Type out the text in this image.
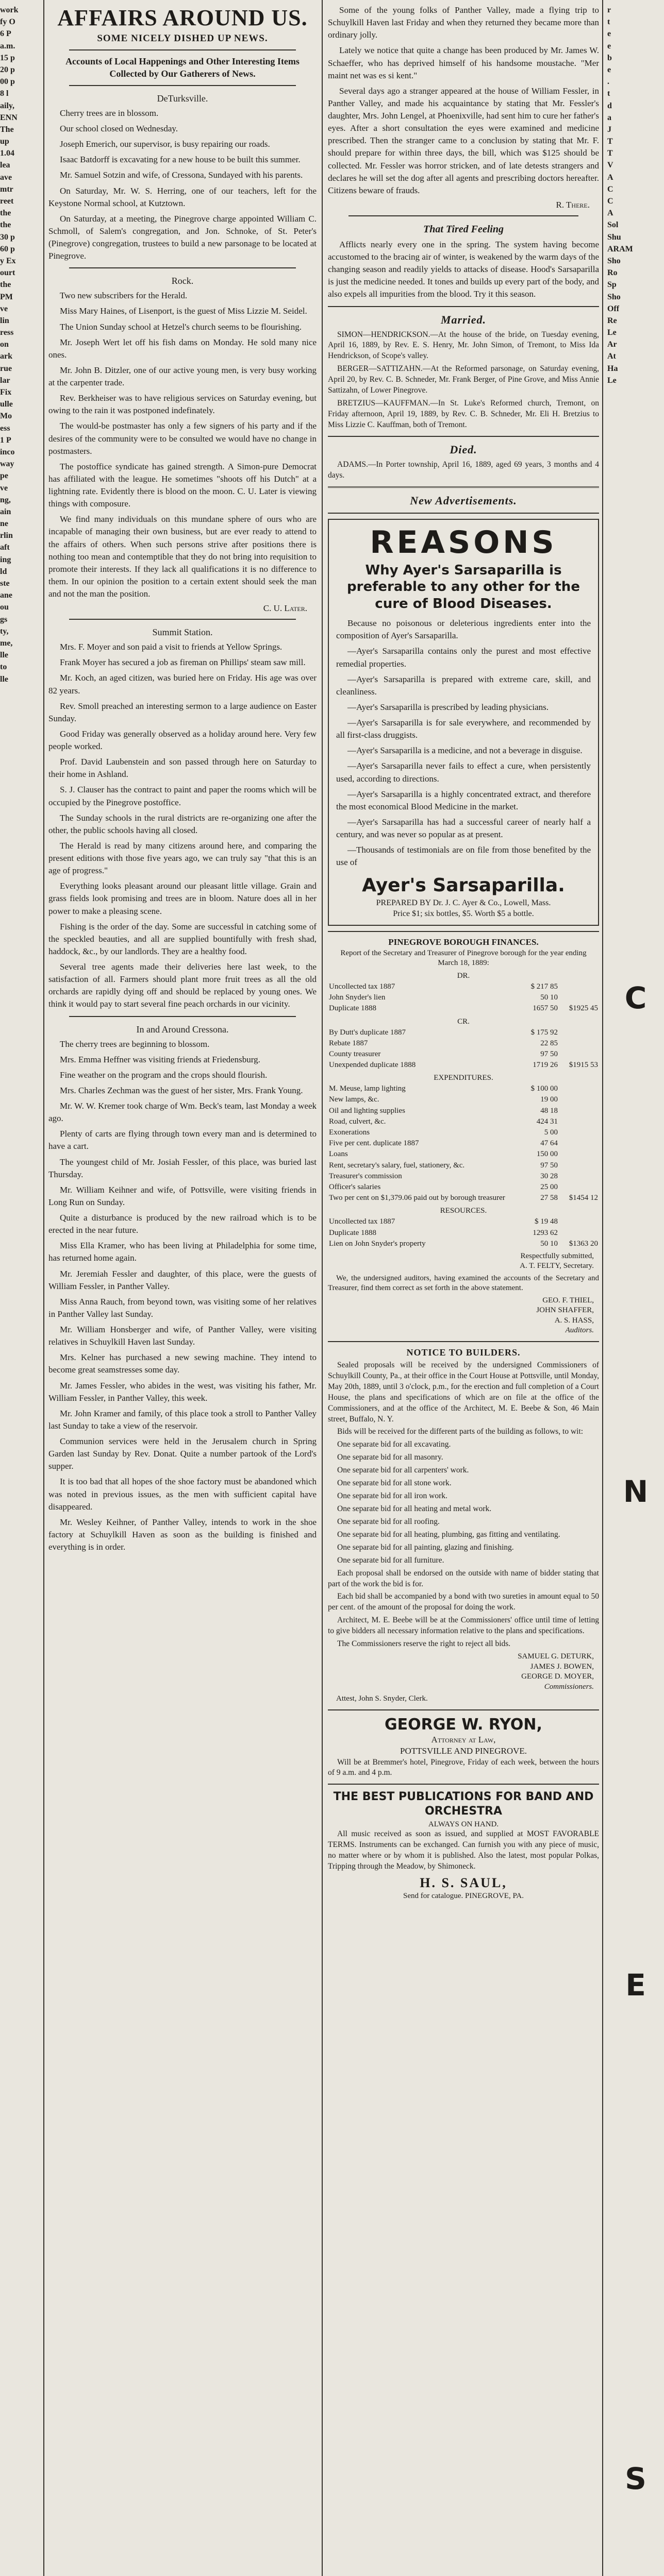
work
fy O
6 P
a.m.
15 p
20 p
00 p
8 l
aily,
ENN
The
up
1.04
lea
ave
mtr
reet
the
the
30 p
60 p
y Ex
ourt
the
PM
ve
lin
ress
on
ark
rue
lar
Fix
ulle
Mo
ess
1 P
inco
way
pe
ve
ng,
ain
ne
rlin
aft
ing
ld
ste
ane
ou
gs
ty,
me,
lle
to
lle
AFFAIRS AROUND US.
SOME NICELY DISHED UP NEWS.
Accounts of Local Happenings and Other Interesting Items Collected by Our Gatherers of News.
DeTurksville.

Cherry trees are in blossom.

Our school closed on Wednesday.

Joseph Emerich, our supervisor, is busy repairing our roads.

Isaac Batdorff is excavating for a new house to be built this summer.

Mr. Samuel Sotzin and wife, of Cressona, Sundayed with his parents.

On Saturday, Mr. W. S. Herring, one of our teachers, left for the Keystone Normal school, at Kutztown.

On Saturday, at a meeting, the Pinegrove charge appointed William C. Schmoll, of Salem's congregation, and Jon. Schnoke, of St. Peter's (Pinegrove) congregation, trustees to build a new parsonage to be located at Pinegrove.

Rock.

Two new subscribers for the Herald.

Miss Mary Haines, of Lisenport, is the guest of Miss Lizzie M. Seidel.

The Union Sunday school at Hetzel's church seems to be flourishing.

Mr. Joseph Wert let off his fish dams on Monday. He sold many nice ones.

Mr. John B. Ditzler, one of our active young men, is very busy working at the carpenter trade.

Rev. Berkheiser was to have religious services on Saturday evening, but owing to the rain it was postponed indefinately.

The would-be postmaster has only a few signers of his party and if the desires of the community were to be consulted we would have no change in postmasters.

The postoffice syndicate has gained strength. A Simon-pure Democrat has affiliated with the league. He sometimes "shoots off his Dutch" at a lightning rate. Evidently there is blood on the moon. C. U. Later is viewing things with composure.

We find many individuals on this mundane sphere of ours who are incapable of managing their own business, but are ever ready to attend to the affairs of others. When such persons strive after positions there is nothing too mean and contemptible that they do not bring into requisition to promote their interests. If they lack all qualifications it is no difference to them. In our opinion the position to a certain extent should seek the man and not the man the position.

C. U. Later.

Summit Station.

Mrs. F. Moyer and son paid a visit to friends at Yellow Springs.

Frank Moyer has secured a job as fireman on Phillips' steam saw mill.

Mr. Koch, an aged citizen, was buried here on Friday. His age was over 82 years.

Rev. Smoll preached an interesting sermon to a large audience on Easter Sunday.

Good Friday was generally observed as a holiday around here. Very few people worked.

Prof. David Laubenstein and son passed through here on Saturday to their home in Ashland.

S. J. Clauser has the contract to paint and paper the rooms which will be occupied by the Pinegrove postoffice.

The Sunday schools in the rural districts are re-organizing one after the other, the public schools having all closed.

The Herald is read by many citizens around here, and comparing the present editions with those five years ago, we can truly say "that this is an age of progress."

Everything looks pleasant around our pleasant little village. Grain and grass fields look promising and trees are in bloom. Nature does all in her power to make a pleasing scene.

Fishing is the order of the day. Some are successful in catching some of the speckled beauties, and all are supplied bountifully with fresh shad, haddock, &c., by our landlords. They are a healthy food.

Several tree agents made their deliveries here last week, to the satisfaction of all. Farmers should plant more fruit trees as all the old orchards are rapidly dying off and should be replaced by young ones. We think it would pay to start several fine peach orchards in our vicinity.

In and Around Cressona.

The cherry trees are beginning to blossom.

Mrs. Emma Heffner was visiting friends at Friedensburg.

Fine weather on the program and the crops should flourish.

Mrs. Charles Zechman was the guest of her sister, Mrs. Frank Young.

Mr. W. W. Kremer took charge of Wm. Beck's team, last Monday a week ago.

Plenty of carts are flying through town every man and is determined to have a cart.

The youngest child of Mr. Josiah Fessler, of this place, was buried last Thursday.

Mr. William Keihner and wife, of Pottsville, were visiting friends in Long Run on Sunday.

Quite a disturbance is produced by the new railroad which is to be erected in the near future.

Miss Ella Kramer, who has been living at Philadelphia for some time, has returned home again.

Mr. Jeremiah Fessler and daughter, of this place, were the guests of William Fessler, in Panther Valley.

Miss Anna Rauch, from beyond town, was visiting some of her relatives in Panther Valley last Sunday.

Mr. William Honsberger and wife, of Panther Valley, were visiting relatives in Schuylkill Haven last Sunday.

Mrs. Kelner has purchased a new sewing machine. They intend to become great seamstresses some day.

Mr. James Fessler, who abides in the west, was visiting his father, Mr. William Fessler, in Panther Valley, this week.

Mr. John Kramer and family, of this place took a stroll to Panther Valley last Sunday to take a view of the reservoir.

Communion services were held in the Jerusalem church in Spring Garden last Sunday by Rev. Donat. Quite a number partook of the Lord's supper.

It is too bad that all hopes of the shoe factory must be abandoned which was noted in previous issues, as the men with sufficient capital have disappeared.

Mr. Wesley Keihner, of Panther Valley, intends to work in the shoe factory at Schuylkill Haven as soon as the building is finished and everything is in order.

Some of the young folks of Panther Valley, made a flying trip to Schuylkill Haven last Friday and when they returned they became more than ordinary jolly.

Lately we notice that quite a change has been produced by Mr. James W. Schaeffer, who has deprived himself of his handsome moustache. "Mer maint net was es si kent."

Several days ago a stranger appeared at the house of William Fessler, in Panther Valley, and made his acquaintance by stating that Mr. Fessler's daughter, Mrs. John Lengel, at Phoenixville, had sent him to cure her father's eyes. After a short consultation the eyes were examined and medicine prescribed. Then the stranger came to a conclusion by stating that Mr. F. should prepare for within three days, the bill, which was $125 should be collected. Mr. Fessler was horror stricken, and of late detests strangers and declares he will set the dog after all agents and prescribing doctors hereafter. Citizens beware of frauds.

R. There.

That Tired Feeling

Afflicts nearly every one in the spring. The system having become accustomed to the bracing air of winter, is weakened by the warm days of the changing season and readily yields to attacks of disease. Hood's Sarsaparilla is just the medicine needed. It tones and builds up every part of the body, and also expels all impurities from the blood. Try it this season.

Married.

SIMON—HENDRICKSON.—At the house of the bride, on Tuesday evening, April 16, 1889, by Rev. E. S. Henry, Mr. John Simon, of Tremont, to Miss Ida Hendrickson, of Scope's valley.

BERGER—SATTIZAHN.—At the Reformed parsonage, on Saturday evening, April 20, by Rev. C. B. Schneder, Mr. Frank Berger, of Pine Grove, and Miss Annie Sattizahn, of Lower Pinegrove.

BRETZIUS—KAUFFMAN.—In St. Luke's Reformed church, Tremont, on Friday afternoon, April 19, 1889, by Rev. C. B. Schneder, Mr. Eli H. Bretzius to Miss Lizzie C. Kauffman, both of Tremont.

Died.

ADAMS.—In Porter township, April 16, 1889, aged 69 years, 3 months and 4 days.

New Advertisements.
REASONS
Why Ayer's Sarsaparilla is preferable to any other for the cure of Blood Diseases.

Because no poisonous or deleterious ingredients enter into the composition of Ayer's Sarsaparilla.

—Ayer's Sarsaparilla contains only the purest and most effective remedial properties.

—Ayer's Sarsaparilla is prepared with extreme care, skill, and cleanliness.

—Ayer's Sarsaparilla is prescribed by leading physicians.

—Ayer's Sarsaparilla is for sale everywhere, and recommended by all first-class druggists.

—Ayer's Sarsaparilla is a medicine, and not a beverage in disguise.

—Ayer's Sarsaparilla never fails to effect a cure, when persistently used, according to directions.

—Ayer's Sarsaparilla is a highly concentrated extract, and therefore the most economical Blood Medicine in the market.

—Ayer's Sarsaparilla has had a successful career of nearly half a century, and was never so popular as at present.

—Thousands of testimonials are on file from those benefited by the use of

Ayer's Sarsaparilla.
PREPARED BY Dr. J. C. Ayer & Co., Lowell, Mass.
Price $1; six bottles, $5. Worth $5 a bottle.
PINEGROVE BOROUGH FINANCES.
Report of the Secretary and Treasurer of Pinegrove borough for the year ending March 18, 1889:
DR.
Uncollected tax 1887	$ 217 85	
John Snyder's lien	50 10	
Duplicate 1888	1657 50	$1925 45
CR.
By Dutt's duplicate 1887	$ 175 92	
Rebate 1887	22 85	
County treasurer	97 50	
Unexpended duplicate 1888	1719 26	$1915 53
EXPENDITURES.
M. Meuse, lamp lighting	$ 100 00	
New lamps, &c.	19 00	
Oil and lighting supplies	48 18	
Road, culvert, &c.	424 31	
Exonerations	5 00	
Five per cent. duplicate 1887	47 64	
Loans	150 00	
Rent, secretary's salary, fuel, stationery, &c.	97 50	
Treasurer's commission	30 28	
Officer's salaries	25 00	
Two per cent on $1,379.06 paid out by borough treasurer	27 58	$1454 12
RESOURCES.
Uncollected tax 1887	$ 19 48	
Duplicate 1888	1293 62	
Lien on John Snyder's property	50 10	$1363 20
Respectfully submitted,
A. T. FELTY, Secretary.

We, the undersigned auditors, having examined the accounts of the Secretary and Treasurer, find them correct as set forth in the above statement.

GEO. F. THIEL,
JOHN SHAFFER,
A. S. HASS,
Auditors.
NOTICE TO BUILDERS.

Sealed proposals will be received by the undersigned Commissioners of Schuylkill County, Pa., at their office in the Court House at Pottsville, until Monday, May 20th, 1889, until 3 o'clock, p.m., for the erection and full completion of a Court House, the plans and specifications of which are on file at the office of the Commissioners, and at the office of the Architect, M. E. Beebe & Son, 46 Main street, Buffalo, N. Y.

Bids will be received for the different parts of the building as follows, to wit:

One separate bid for all excavating.

One separate bid for all masonry.

One separate bid for all carpenters' work.

One separate bid for all stone work.

One separate bid for all iron work.

One separate bid for all heating and metal work.

One separate bid for all roofing.

One separate bid for all heating, plumbing, gas fitting and ventilating.

One separate bid for all painting, glazing and finishing.

One separate bid for all furniture.

Each proposal shall be endorsed on the outside with name of bidder stating that part of the work the bid is for.

Each bid shall be accompanied by a bond with two sureties in amount equal to 50 per cent. of the amount of the proposal for doing the work.

Architect, M. E. Beebe will be at the Commissioners' office until time of letting to give bidders all necessary information relative to the plans and specifications.

The Commissioners reserve the right to reject all bids.

SAMUEL G. DETURK,
JAMES J. BOWEN,
GEORGE D. MOYER,
Commissioners.
Attest, John S. Snyder, Clerk.
GEORGE W. RYON,
Attorney at Law,
POTTSVILLE AND PINEGROVE.

Will be at Bremmer's hotel, Pinegrove, Friday of each week, between the hours of 9 a.m. and 4 p.m.

THE BEST PUBLICATIONS FOR BAND AND ORCHESTRA
ALWAYS ON HAND.

All music received as soon as issued, and supplied at MOST FAVORABLE TERMS. Instruments can be exchanged. Can furnish you with any piece of music, no matter where or by whom it is published. Also the latest, most popular Polkas, Tripping through the Meadow, by Shimoneck.

H. S. SAUL,
Send for catalogue. PINEGROVE, PA.
r
t
e
e
b
e
.
t
d
a
J
T
T
V
A
C
C
A
Sol
Shu
ARAM
Sho
Ro
Sp
Sho
Off
Re
Le
Ar
At
Ha
Le
C
N
E
S
